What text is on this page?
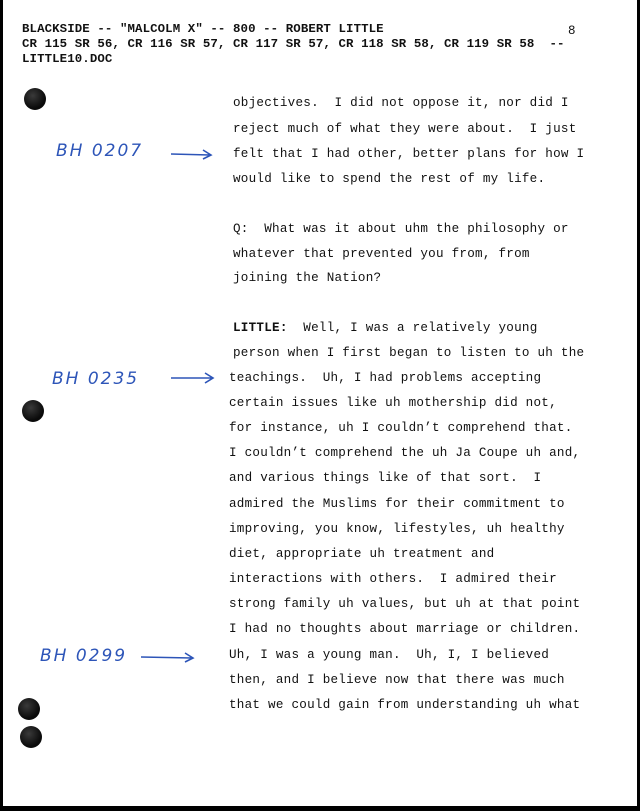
BLACKSIDE -- "MALCOLM X" -- 800 -- ROBERT LITTLE
CR 115 SR 56, CR 116 SR 57, CR 117 SR 57, CR 118 SR 58, CR 119 SR 58  --
LITTLE10.DOC
8
BH 0207
BH 0235
BH 0299
objectives.  I did not oppose it, nor did I
reject much of what they were about.  I just
felt that I had other, better plans for how I
would like to spend the rest of my life.
Q:  What was it about uhm the philosophy or
whatever that prevented you from, from
joining the Nation?
LITTLE:  Well, I was a relatively young
person when I first began to listen to uh the
teachings.  Uh, I had problems accepting
certain issues like uh mothership did not,
for instance, uh I couldn’t comprehend that.
I couldn’t comprehend the uh Ja Coupe uh and,
and various things like of that sort.  I
admired the Muslims for their commitment to
improving, you know, lifestyles, uh healthy
diet, appropriate uh treatment and
interactions with others.  I admired their
strong family uh values, but uh at that point
I had no thoughts about marriage or children.
Uh, I was a young man.  Uh, I, I believed
then, and I believe now that there was much
that we could gain from understanding uh what
